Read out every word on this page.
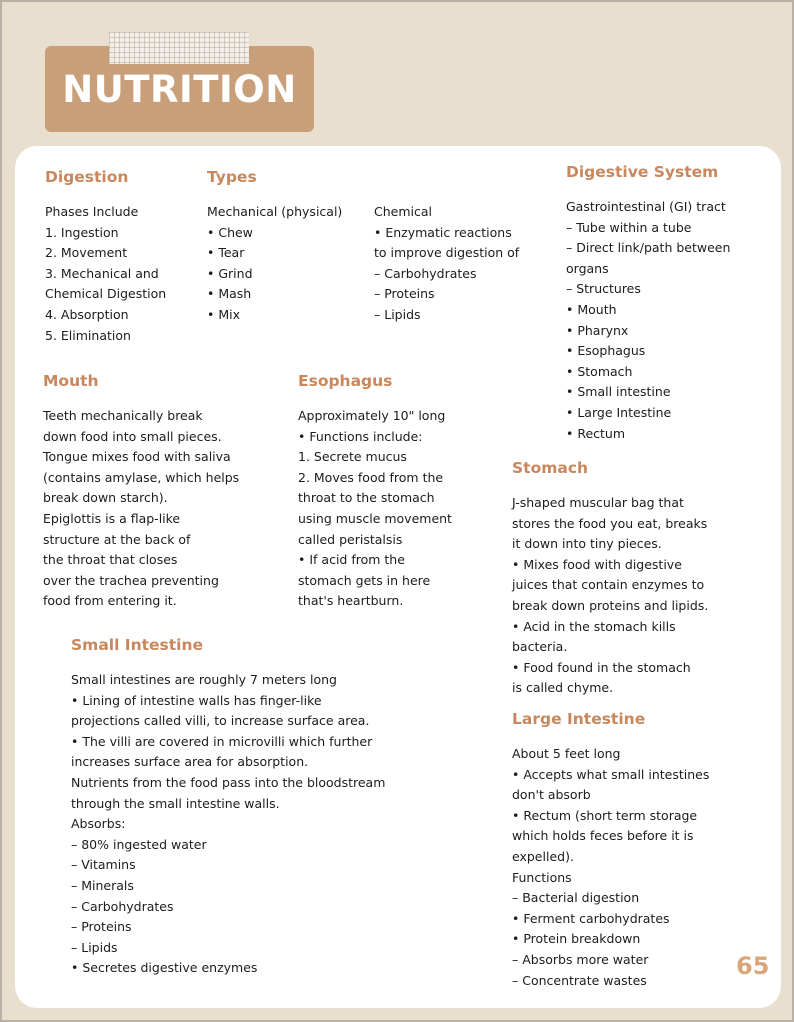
NUTRITION
Digestion
Phases Include
1. Ingestion
2. Movement
3. Mechanical and
Chemical Digestion
4. Absorption
5. Elimination
Types
Mechanical (physical)
• Chew
• Tear
• Grind
• Mash
• Mix
Chemical
• Enzymatic reactions
to improve digestion of
– Carbohydrates
– Proteins
– Lipids
Digestive System
Gastrointestinal (GI) tract
– Tube within a tube
– Direct link/path between
organs
– Structures
• Mouth
• Pharynx
• Esophagus
• Stomach
• Small intestine
• Large Intestine
• Rectum
Mouth
Teeth mechanically break
down food into small pieces.
Tongue mixes food with saliva
(contains amylase, which helps
break down starch).
Epiglottis is a flap-like
structure at the back of
the throat that closes
over the trachea preventing
food from entering it.
Esophagus
Approximately 10" long
• Functions include:
1. Secrete mucus
2. Moves food from the
throat to the stomach
using muscle movement
called peristalsis
• If acid from the
stomach gets in here
that's heartburn.
Stomach
J-shaped muscular bag that
stores the food you eat, breaks
it down into tiny pieces.
• Mixes food with digestive
juices that contain enzymes to
break down proteins and lipids.
• Acid in the stomach kills
bacteria.
• Food found in the stomach
is called chyme.
Small Intestine
Small intestines are roughly 7 meters long
• Lining of intestine walls has finger-like
projections called villi, to increase surface area.
• The villi are covered in microvilli which further
increases surface area for absorption.
Nutrients from the food pass into the bloodstream
through the small intestine walls.
Absorbs:
– 80% ingested water
– Vitamins
– Minerals
– Carbohydrates
– Proteins
– Lipids
• Secretes digestive enzymes
Large Intestine
About 5 feet long
• Accepts what small intestines
don't absorb
• Rectum (short term storage
which holds feces before it is
expelled).
Functions
– Bacterial digestion
• Ferment carbohydrates
• Protein breakdown
– Absorbs more water
– Concentrate wastes
65
